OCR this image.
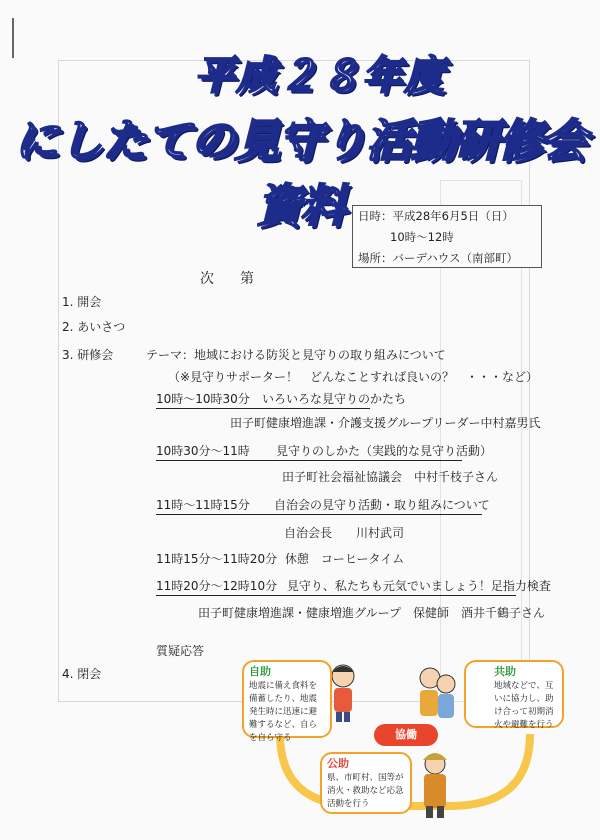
平成２８年度
にしたての見守り活動研修会資料	日時：平成28年6月5日（日）

10時～12時
場所：バーデハウス（南部町）
次第
1. 開会
2. あいさつ
3. 研修会	テーマ：地域における防災と見守りの取り組みについて
（※見守りサポーター！　どんなことすれば良いの？　・・・など）
10時～10時30分 いろいろな見守りのかたち
田子町健康増進課・介護支援グループリーダー中村嘉男氏
10時30分～11時 見守りのしかた（実践的な見守り活動）
田子町社会福祉協議会　中村千枝子さん
11時～11時15分 自治会の見守り活動・取り組みについて
自治会長　　川村武司
11時15分～11時20分 休憩　コーヒータイム
11時20分～12時10分 見守り、私たちも元気でいましょう！足指力検査
田子町健康増進課・健康増進グループ　保健師　酒井千鶴子さん
質疑応答
4. 閉会	自助
地震に備え食料を備蓄したり、地震発生時に迅速に避難するなど、自らを自ら守る
共助
地域などで、互いに協力し、助け合って初期消火や避難を行う
協働
公助
県、市町村、国等が消火・救助など応急活動を行う
